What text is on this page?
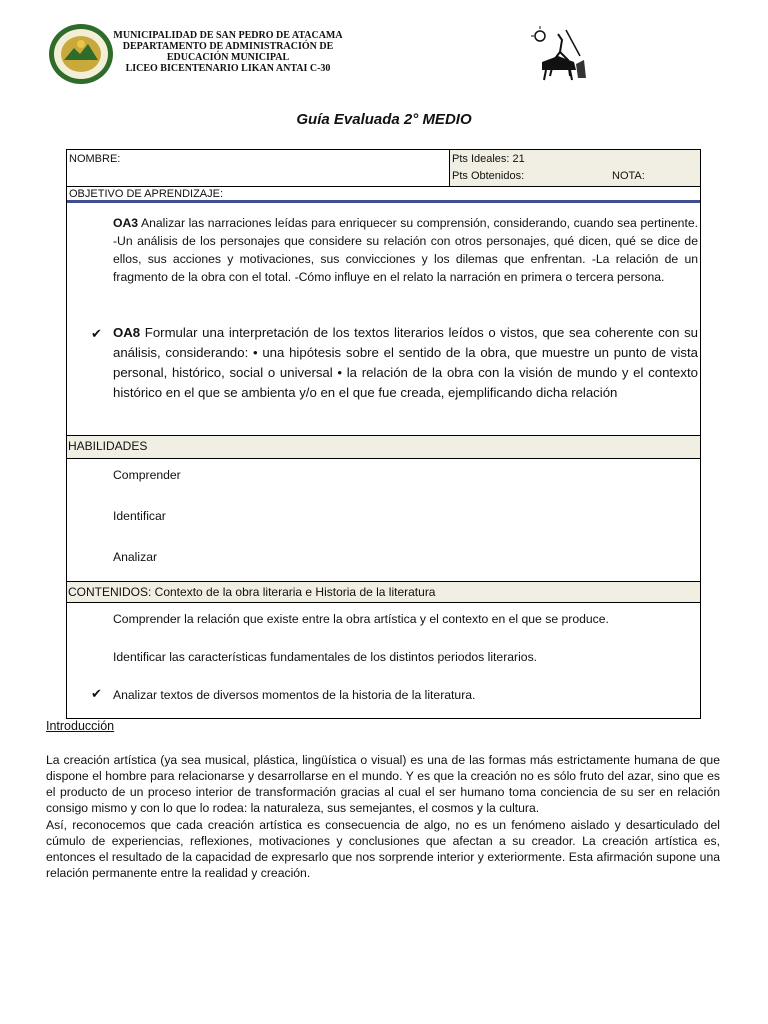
MUNICIPALIDAD DE SAN PEDRO DE ATACAMA
DEPARTAMENTO DE ADMINISTRACIÓN DE
EDUCACIÓN MUNICIPAL
LICEO BICENTENARIO LIKAN ANTAI C-30
Guía Evaluada 2° MEDIO
NOMBRE:	Pts Ideales: 21
Pts Obtenidos:	NOTA:
OBJETIVO DE APRENDIZAJE:
OA3 Analizar las narraciones leídas para enriquecer su comprensión, considerando, cuando sea pertinente. -Un análisis de los personajes que considere su relación con otros personajes, qué dicen, qué se dice de ellos, sus acciones y motivaciones, sus convicciones y los dilemas que enfrentan. -La relación de un fragmento de la obra con el total. -Cómo influye en el relato la narración en primera o tercera persona.
✔ OA8 Formular una interpretación de los textos literarios leídos o vistos, que sea coherente con su análisis, considerando: • una hipótesis sobre el sentido de la obra, que muestre un punto de vista personal, histórico, social o universal • la relación de la obra con la visión de mundo y el contexto histórico en el que se ambienta y/o en el que fue creada, ejemplificando dicha relación
HABILIDADES
Comprender
Identificar
Analizar
CONTENIDOS: Contexto de la obra literaria e Historia de la literatura
Comprender la relación que existe entre la obra artística y el contexto en el que se produce.
Identificar las características fundamentales de los distintos periodos literarios.
✔ Analizar textos de diversos momentos de la historia de la literatura.
Introducción
La creación artística (ya sea musical, plástica, lingüística o visual) es una de las formas más estrictamente humana de que dispone el hombre para relacionarse y desarrollarse en el mundo. Y es que la creación no es sólo fruto del azar, sino que es el producto de un proceso interior de transformación gracias al cual el ser humano toma conciencia de su ser en relación consigo mismo y con lo que lo rodea: la naturaleza, sus semejantes, el cosmos y la cultura.
Así, reconocemos que cada creación artística es consecuencia de algo, no es un fenómeno aislado y desarticulado del cúmulo de experiencias, reflexiones, motivaciones y conclusiones que afectan a su creador. La creación artística es, entonces el resultado de la capacidad de expresarlo que nos sorprende interior y exteriormente. Esta afirmación supone una relación permanente entre la realidad y creación.
